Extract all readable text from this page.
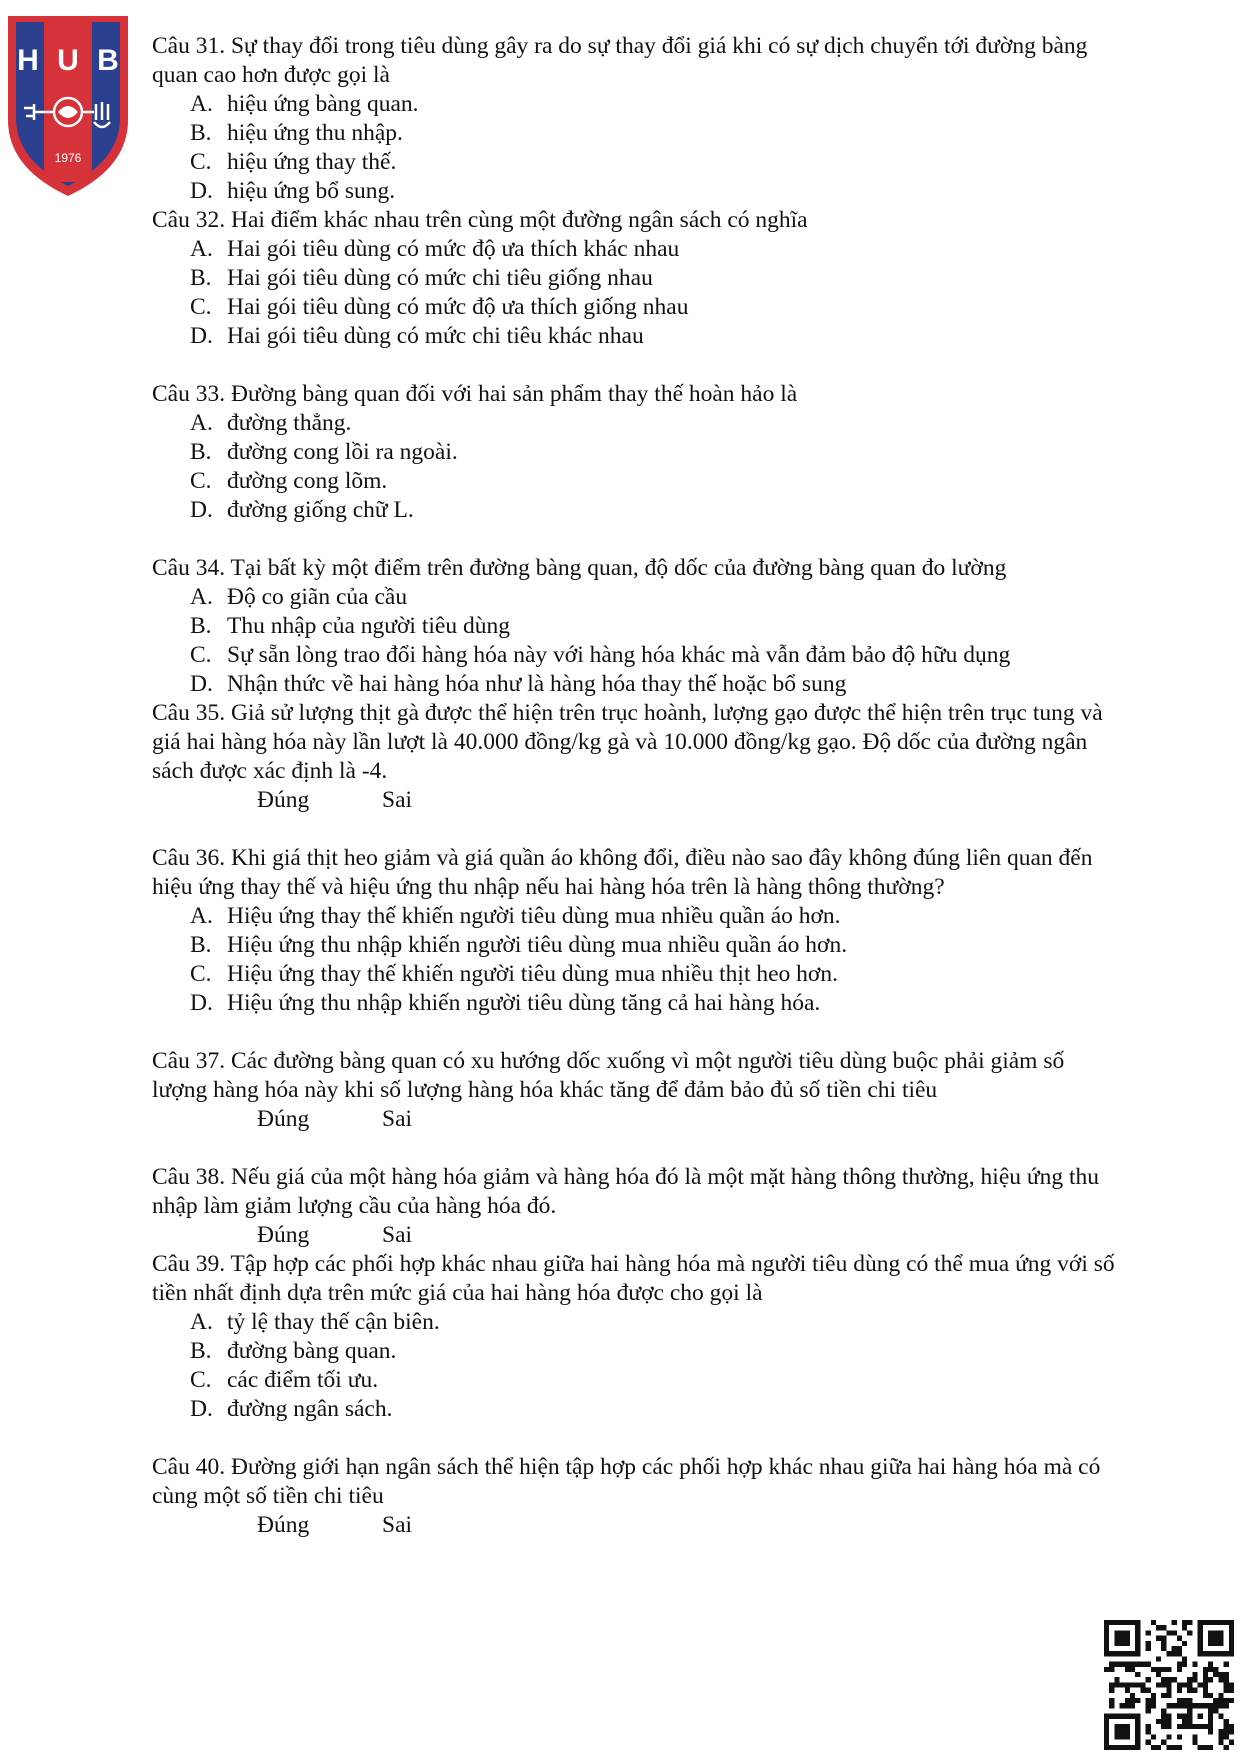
H U B
1976

Câu 31. Sự thay đổi trong tiêu dùng gây ra do sự thay đổi giá khi có sự dịch chuyển tới đường bàng quan cao hơn được gọi là

A. hiệu ứng bàng quan.
B. hiệu ứng thu nhập.
C. hiệu ứng thay thế.
D. hiệu ứng bổ sung.

Câu 32. Hai điểm khác nhau trên cùng một đường ngân sách có nghĩa

A. Hai gói tiêu dùng có mức độ ưa thích khác nhau
B. Hai gói tiêu dùng có mức chi tiêu giống nhau
C. Hai gói tiêu dùng có mức độ ưa thích giống nhau
D. Hai gói tiêu dùng có mức chi tiêu khác nhau

Câu 33. Đường bàng quan đối với hai sản phẩm thay thế hoàn hảo là

A. đường thẳng.
B. đường cong lồi ra ngoài.
C. đường cong lõm.
D. đường giống chữ L.

Câu 34. Tại bất kỳ một điểm trên đường bàng quan, độ dốc của đường bàng quan đo lường

A. Độ co giãn của cầu
B. Thu nhập của người tiêu dùng
C. Sự sẵn lòng trao đổi hàng hóa này với hàng hóa khác mà vẫn đảm bảo độ hữu dụng
D. Nhận thức về hai hàng hóa như là hàng hóa thay thế hoặc bổ sung

Câu 35. Giả sử lượng thịt gà được thể hiện trên trục hoành, lượng gạo được thể hiện trên trục tung và giá hai hàng hóa này lần lượt là 40.000 đồng/kg gà và 10.000 đồng/kg gạo. Độ dốc của đường ngân sách được xác định là -4.

Đúng	Sai

Câu 36. Khi giá thịt heo giảm và giá quần áo không đổi, điều nào sao đây không đúng liên quan đến hiệu ứng thay thế và hiệu ứng thu nhập nếu hai hàng hóa trên là hàng thông thường?

A. Hiệu ứng thay thế khiến người tiêu dùng mua nhiều quần áo hơn.
B. Hiệu ứng thu nhập khiến người tiêu dùng mua nhiều quần áo hơn.
C. Hiệu ứng thay thế khiến người tiêu dùng mua nhiều thịt heo hơn.
D. Hiệu ứng thu nhập khiến người tiêu dùng tăng cả hai hàng hóa.

Câu 37. Các đường bàng quan có xu hướng dốc xuống vì một người tiêu dùng buộc phải giảm số lượng hàng hóa này khi số lượng hàng hóa khác tăng để đảm bảo đủ số tiền chi tiêu

Đúng	Sai

Câu 38. Nếu giá của một hàng hóa giảm và hàng hóa đó là một mặt hàng thông thường, hiệu ứng thu nhập làm giảm lượng cầu của hàng hóa đó.

Đúng	Sai

Câu 39. Tập hợp các phối hợp khác nhau giữa hai hàng hóa mà người tiêu dùng có thể mua ứng với số tiền nhất định dựa trên mức giá của hai hàng hóa được cho gọi là

A. tỷ lệ thay thế cận biên.
B. đường bàng quan.
C. các điểm tối ưu.
D. đường ngân sách.

Câu 40. Đường giới hạn ngân sách thể hiện tập hợp các phối hợp khác nhau giữa hai hàng hóa mà có cùng một số tiền chi tiêu

Đúng	Sai
